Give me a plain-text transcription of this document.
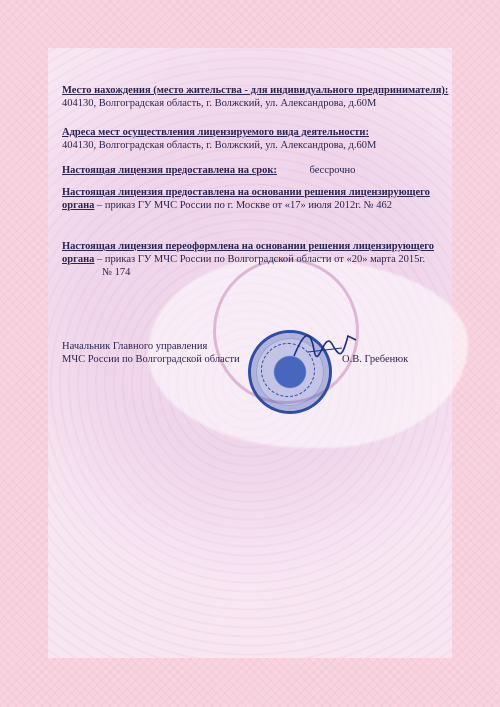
Место нахождения (место жительства - для индивидуального предпринимателя):
404130, Волгоградская область, г. Волжский, ул. Александрова, д.60М
Адреса мест осуществления лицензируемого вида деятельности:
404130, Волгоградская область, г. Волжский, ул. Александрова, д.60М
Настоящая лицензия предоставлена на срок:	бессрочно
Настоящая лицензия предоставлена на основании решения лицензирующего
органа – приказ ГУ МЧС России по г. Москве от «17» июля 2012г. № 462
Настоящая лицензия переоформлена на основании решения лицензирующего
органа – приказ ГУ МЧС России по Волгоградской области от «20» марта 2015г.
№ 174
Начальник Главного управления
МЧС России по Волгоградской области	О.В. Гребенюк
